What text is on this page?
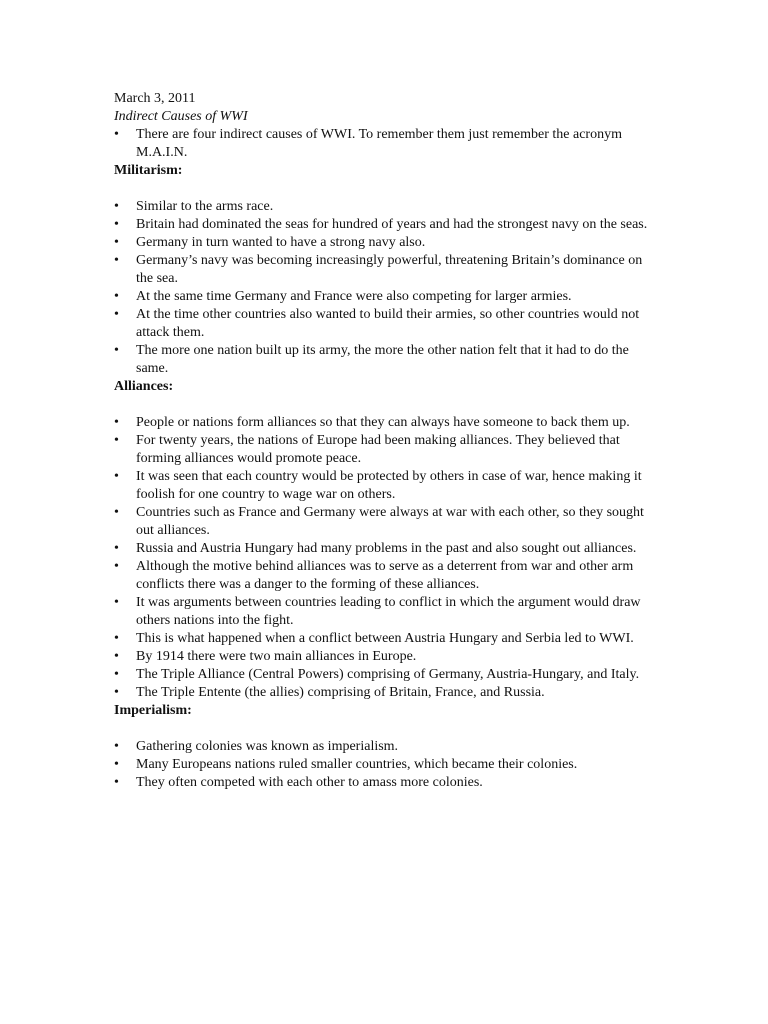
March 3, 2011

Indirect Causes of WWI

•	There are four indirect causes of WWI. To remember them just remember the acronym M.A.I.N.

Militarism:

•	Similar to the arms race.
•	Britain had dominated the seas for hundred of years and had the strongest navy on the seas.
•	Germany in turn wanted to have a strong navy also.
•	Germany’s navy was becoming increasingly powerful, threatening Britain’s dominance on the sea.
•	At the same time Germany and France were also competing for larger armies.
•	At the time other countries also wanted to build their armies, so other countries would not attack them.
•	The more one nation built up its army, the more the other nation felt that it had to do the same.

Alliances:

•	People or nations form alliances so that they can always have someone to back them up.
•	For twenty years, the nations of Europe had been making alliances. They believed that forming alliances would promote peace.
•	It was seen that each country would be protected by others in case of war, hence making it foolish for one country to wage war on others.
•	Countries such as France and Germany were always at war with each other, so they sought out alliances.
•	Russia and Austria Hungary had many problems in the past and also sought out alliances.
•	Although the motive behind alliances was to serve as a deterrent from war and other arm conflicts there was a danger to the forming of these alliances.
•	It was arguments between countries leading to conflict in which the argument would draw others nations into the fight.
•	This is what happened when a conflict between Austria Hungary and Serbia led to WWI.
•	By 1914 there were two main alliances in Europe.
•	The Triple Alliance (Central Powers) comprising of Germany, Austria-Hungary, and Italy.
•	The Triple Entente (the allies) comprising of Britain, France, and Russia.

Imperialism:

•	Gathering colonies was known as imperialism.
•	Many Europeans nations ruled smaller countries, which became their colonies.
•	They often competed with each other to amass more colonies.
